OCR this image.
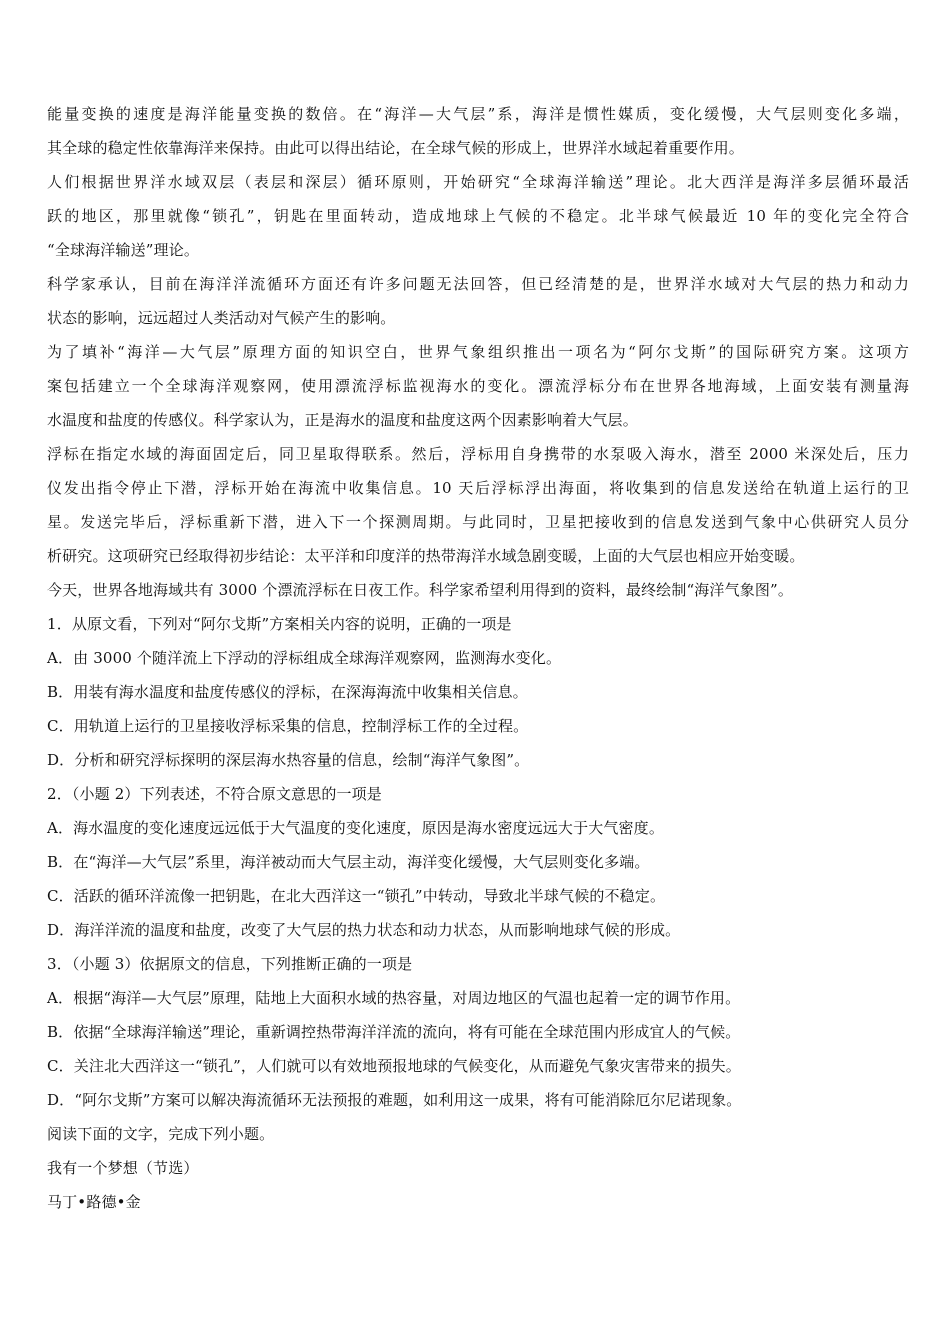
能量变换的速度是海洋能量变换的数倍。在“海洋—大气层”系，海洋是惯性媒质，变化缓慢，大气层则变化多端，
其全球的稳定性依靠海洋来保持。由此可以得出结论，在全球气候的形成上，世界洋水域起着重要作用。
人们根据世界洋水域双层（表层和深层）循环原则，开始研究“全球海洋输送”理论。北大西洋是海洋多层循环最活
跃的地区，那里就像“锁孔”，钥匙在里面转动，造成地球上气候的不稳定。北半球气候最近 10 年的变化完全符合
“全球海洋输送”理论。
科学家承认，目前在海洋洋流循环方面还有许多问题无法回答，但已经清楚的是，世界洋水域对大气层的热力和动力
状态的影响，远远超过人类活动对气候产生的影响。
为了填补“海洋—大气层”原理方面的知识空白，世界气象组织推出一项名为“阿尔戈斯”的国际研究方案。这项方
案包括建立一个全球海洋观察网，使用漂流浮标监视海水的变化。漂流浮标分布在世界各地海域，上面安装有测量海
水温度和盐度的传感仪。科学家认为，正是海水的温度和盐度这两个因素影响着大气层。
浮标在指定水域的海面固定后，同卫星取得联系。然后，浮标用自身携带的水泵吸入海水，潜至 2000 米深处后，压力
仪发出指令停止下潜，浮标开始在海流中收集信息。10 天后浮标浮出海面，将收集到的信息发送给在轨道上运行的卫
星。发送完毕后，浮标重新下潜，进入下一个探测周期。与此同时，卫星把接收到的信息发送到气象中心供研究人员分
析研究。这项研究已经取得初步结论：太平洋和印度洋的热带海洋水域急剧变暖，上面的大气层也相应开始变暖。
今天，世界各地海域共有 3000 个漂流浮标在日夜工作。科学家希望利用得到的资料，最终绘制“海洋气象图”。
1．从原文看，下列对“阿尔戈斯”方案相关内容的说明，正确的一项是
A．由 3000 个随洋流上下浮动的浮标组成全球海洋观察网，监测海水变化。
B．用装有海水温度和盐度传感仪的浮标，在深海海流中收集相关信息。
C．用轨道上运行的卫星接收浮标采集的信息，控制浮标工作的全过程。
D．分析和研究浮标探明的深层海水热容量的信息，绘制“海洋气象图”。
2．（小题 2）下列表述，不符合原文意思的一项是
A．海水温度的变化速度远远低于大气温度的变化速度，原因是海水密度远远大于大气密度。
B．在“海洋—大气层”系里，海洋被动而大气层主动，海洋变化缓慢，大气层则变化多端。
C．活跃的循环洋流像一把钥匙，在北大西洋这一“锁孔”中转动，导致北半球气候的不稳定。
D．海洋洋流的温度和盐度，改变了大气层的热力状态和动力状态，从而影响地球气候的形成。
3．（小题 3）依据原文的信息，下列推断正确的一项是
A．根据“海洋—大气层”原理，陆地上大面积水域的热容量，对周边地区的气温也起着一定的调节作用。
B．依据“全球海洋输送”理论，重新调控热带海洋洋流的流向，将有可能在全球范围内形成宜人的气候。
C．关注北大西洋这一“锁孔”，人们就可以有效地预报地球的气候变化，从而避免气象灾害带来的损失。
D．“阿尔戈斯”方案可以解决海流循环无法预报的难题，如利用这一成果，将有可能消除厄尔尼诺现象。
阅读下面的文字，完成下列小题。
我有一个梦想（节选）
马丁•路德•金
